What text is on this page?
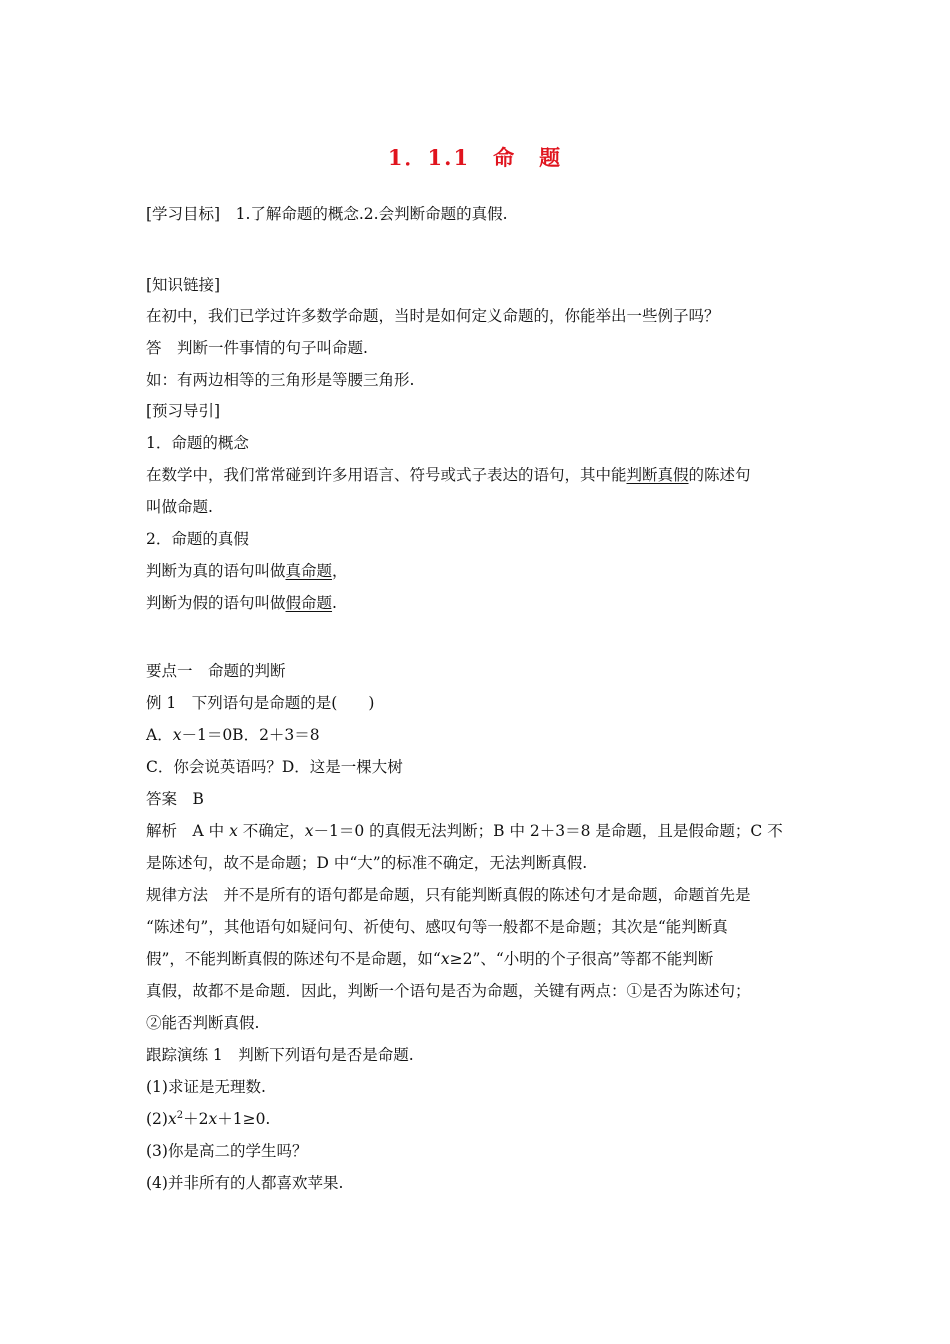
1．1.1　命　题
[学习目标]　1.了解命题的概念.2.会判断命题的真假.
[知识链接]
在初中，我们已学过许多数学命题，当时是如何定义命题的，你能举出一些例子吗？
答　判断一件事情的句子叫命题.
如：有两边相等的三角形是等腰三角形.
[预习导引]
1．命题的概念
在数学中，我们常常碰到许多用语言、符号或式子表达的语句，其中能判断真假的陈述句
叫做命题.
2．命题的真假
判断为真的语句叫做真命题，
判断为假的语句叫做假命题.
要点一　命题的判断
例 1　下列语句是命题的是(　　)
A．x－1＝0B．2＋3＝8
C．你会说英语吗？D．这是一棵大树
答案　B
解析　A 中 x 不确定，x－1＝0 的真假无法判断；B 中 2＋3＝8 是命题，且是假命题；C 不
是陈述句，故不是命题；D 中“大”的标准不确定，无法判断真假.
规律方法　并不是所有的语句都是命题，只有能判断真假的陈述句才是命题，命题首先是
“陈述句”，其他语句如疑问句、祈使句、感叹句等一般都不是命题；其次是“能判断真
假”，不能判断真假的陈述句不是命题，如“x≥2”、“小明的个子很高”等都不能判断
真假，故都不是命题．因此，判断一个语句是否为命题，关键有两点：①是否为陈述句；
②能否判断真假.
跟踪演练 1　判断下列语句是否是命题.
(1)求证是无理数.
$(2)x^2+2x+1\ge 0$.
(3)你是高二的学生吗？
(4)并非所有的人都喜欢苹果.
